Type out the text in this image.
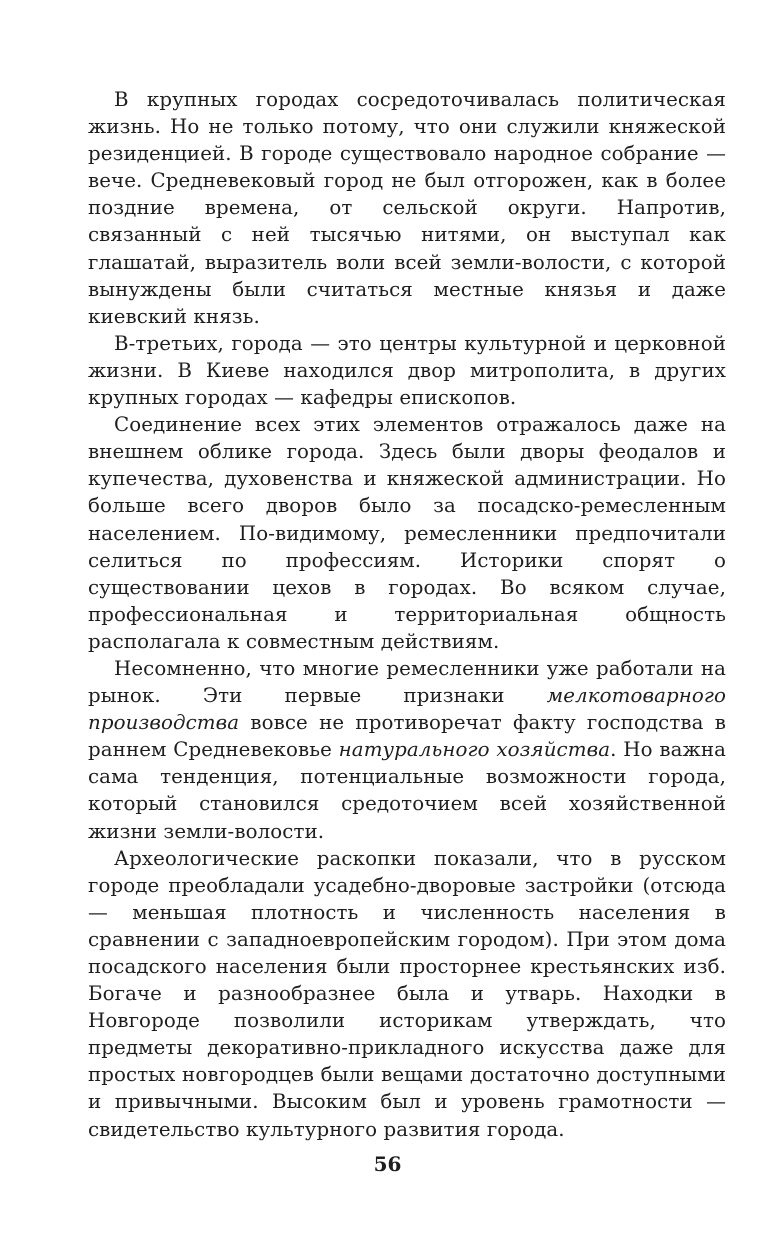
В крупных городах сосредоточивалась политическая жизнь. Но не только потому, что они служили княжеской резиденцией. В городе существовало народное собрание — вече. Средневековый город не был отгорожен, как в более поздние времена, от сельской округи. Напротив, связанный с ней тысячью нитями, он выступал как глашатай, выразитель воли всей земли-волости, с которой вынуждены были считаться местные князья и даже киевский князь.

В-третьих, города — это центры культурной и церковной жизни. В Киеве находился двор митрополита, в других крупных городах — кафедры епископов.

Соединение всех этих элементов отражалось даже на внешнем облике города. Здесь были дворы феодалов и купечества, духовенства и княжеской администрации. Но больше всего дворов было за посадско-ремесленным населением. По-видимому, ремесленники предпочитали селиться по профессиям. Историки спорят о существовании цехов в городах. Во всяком случае, профессиональная и территориальная общность располагала к совместным действиям.

Несомненно, что многие ремесленники уже работали на рынок. Эти первые признаки мелкотоварного производства вовсе не противоречат факту господства в раннем Средневековье натурального хозяйства. Но важна сама тенденция, потенциальные возможности города, который становился средоточием всей хозяйственной жизни земли-волости.

Археологические раскопки показали, что в русском городе преобладали усадебно-дворовые застройки (отсюда — меньшая плотность и численность населения в сравнении с западноевропейским городом). При этом дома посадского населения были просторнее крестьянских изб. Богаче и разнообразнее была и утварь. Находки в Новгороде позволили историкам утверждать, что предметы декоративно-прикладного искусства даже для простых новгородцев были вещами достаточно доступными и привычными. Высоким был и уровень грамотности — свидетельство культурного развития города.

56
